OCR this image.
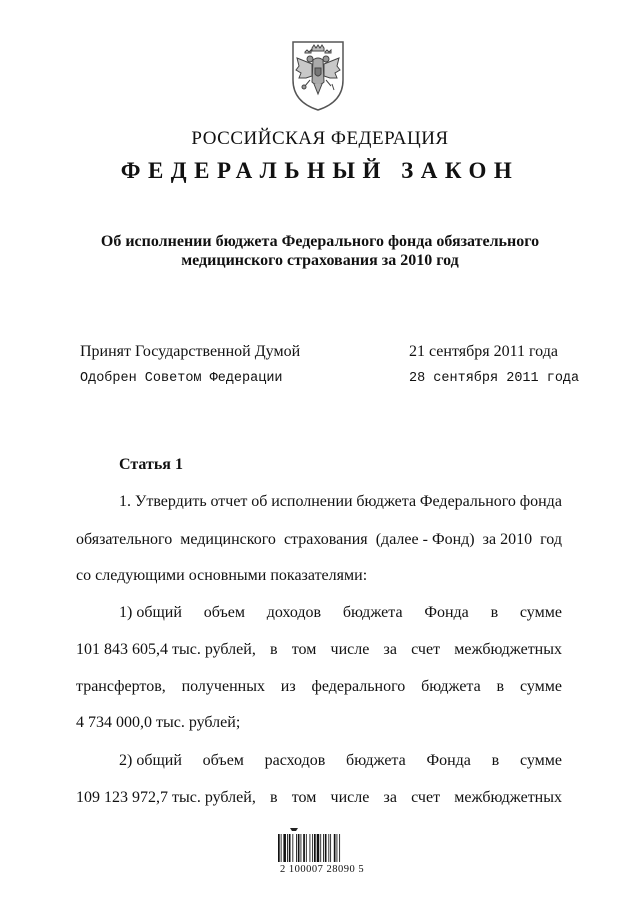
РОССИЙСКАЯ ФЕДЕРАЦИЯ
ФЕДЕРАЛЬНЫЙ ЗАКОН
Об исполнении бюджета Федерального фонда обязательного
медицинского страхования за 2010 год
Принят Государственной Думой	21 сентября 2011 года
Одобрен Советом Федерации	28 сентября 2011 года
Статья 1
1. Утвердить отчет об исполнении бюджета Федерального фонда
обязательного медицинского страхования (далее - Фонд) за 2010 год
со следующими основными показателями:
1) общий объем доходов бюджета Фонда в сумме
101 843 605,4 тыс. рублей, в том числе за счет межбюджетных
трансфертов, полученных из федерального бюджета в сумме
4 734 000,0 тыс. рублей;
2) общий объем расходов бюджета Фонда в сумме
109 123 972,7 тыс. рублей, в том числе за счет межбюджетных
2 100007 28090 5
